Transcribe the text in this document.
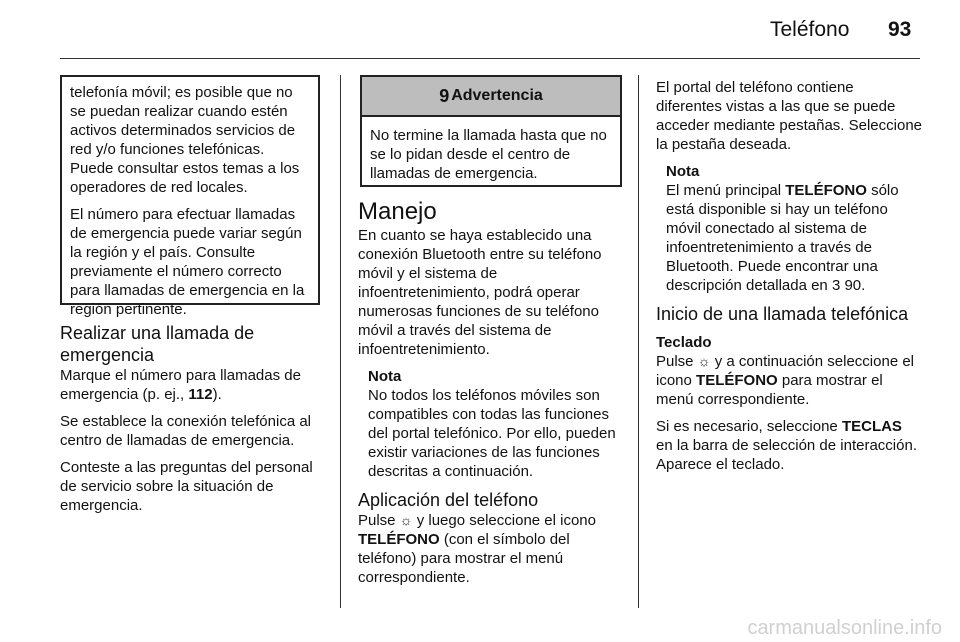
Teléfono 93

telefonía móvil; es posible que no se puedan realizar cuando estén activos determinados servicios de red y/o funciones telefónicas. Puede consultar estos temas a los operadores de red locales.

El número para efectuar llamadas de emergencia puede variar según la región y el país. Consulte previamente el número correcto para llamadas de emergencia en la región pertinente.

Realizar una llamada de emergencia

Marque el número para llamadas de emergencia (p. ej., 112).

Se establece la conexión telefónica al centro de llamadas de emergencia.

Conteste a las preguntas del personal de servicio sobre la situación de emergencia.

9 Advertencia

No termine la llamada hasta que no se lo pidan desde el centro de llamadas de emergencia.

Manejo

En cuanto se haya establecido una conexión Bluetooth entre su teléfono móvil y el sistema de infoentretenimiento, podrá operar numerosas funciones de su teléfono móvil a través del sistema de infoentretenimiento.

Nota

No todos los teléfonos móviles son compatibles con todas las funciones del portal telefónico. Por ello, pueden existir variaciones de las funciones descritas a continuación.

Aplicación del teléfono

Pulse ☼ y luego seleccione el icono TELÉFONO (con el símbolo del teléfono) para mostrar el menú correspondiente.

El portal del teléfono contiene diferentes vistas a las que se puede acceder mediante pestañas. Seleccione la pestaña deseada.

Nota

El menú principal TELÉFONO sólo está disponible si hay un teléfono móvil conectado al sistema de infoentretenimiento a través de Bluetooth. Puede encontrar una descripción detallada en 3 90.

Inicio de una llamada telefónica

Teclado

Pulse ☼ y a continuación seleccione el icono TELÉFONO para mostrar el menú correspondiente.

Si es necesario, seleccione TECLAS en la barra de selección de interacción. Aparece el teclado.

carmanualsonline.info
